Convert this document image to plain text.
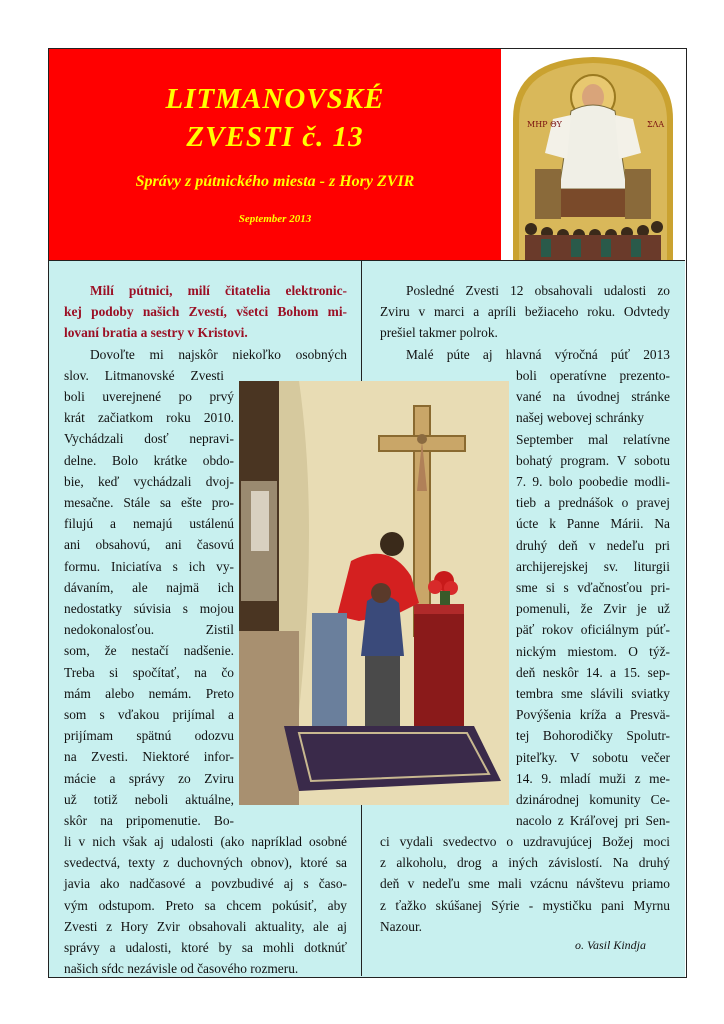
LITMANOVSKÉ
ZVESTI č. 13
Správy z pútnického miesta - z Hory ZVIR
September 2013
ΜΗΡ ΘΥ	ΣΛΑ
Milí pútnici, milí čitatelia elektronic-
kej podoby našich Zvestí, všetci Bohom mi-
lovaní bratia a sestry v Kristovi.
Dovoľte mi najskôr niekoľko osobných
slov. Litmanovské Zvesti
boli uverejnené po prvý
krát začiatkom roku 2010.
Vychádzali dosť nepravi-
delne. Bolo krátke obdo-
bie, keď vychádzali dvoj-
mesačne. Stále sa ešte pro-
filujú a nemajú ustálenú
ani obsahovú, ani časovú
formu. Iniciatíva s ich vy-
dávaním, ale najmä ich
nedostatky súvisia s mojou
nedokonalosťou. Zistil
som, že nestačí nadšenie.
Treba si spočítať, na čo
mám alebo nemám. Preto
som s vďakou prijímal a
prijímam spätnú odozvu
na Zvesti. Niektoré infor-
mácie a správy zo Zviru
už totiž neboli aktuálne,
skôr na pripomenutie. Bo-
li v nich však aj udalosti (ako napríklad osobné
svedectvá, texty z duchovných obnov), ktoré sa
javia ako nadčasové a povzbudivé aj s časo-
vým odstupom. Preto sa chcem pokúsiť, aby
Zvesti z Hory Zvir obsahovali aktuality, ale aj
správy a udalosti, ktoré by sa mohli dotknúť
našich sŕdc nezávisle od časového rozmeru.
Posledné Zvesti 12 obsahovali udalosti zo
Zviru v marci a apríli bežiaceho roku. Odvtedy
prešiel takmer polrok.
Malé púte aj hlavná výročná púť 2013
boli operatívne prezento-
vané na úvodnej stránke
našej webovej schránky
September mal relatívne
bohatý program. V sobotu
7. 9. bolo poobedie modli-
tieb a prednášok o pravej
úcte k Panne Márii. Na
druhý deň v nedeľu pri
archijerejskej sv. liturgii
sme si s vďačnosťou pri-
pomenuli, že Zvir je už
päť rokov oficiálnym púť-
nickým miestom. O týž-
deň neskôr 14. a 15. sep-
tembra sme slávili sviatky
Povýšenia kríža a Presvä-
tej Bohorodičky Spolutr-
piteľky. V sobotu večer
14. 9. mladí muži z me-
dzinárodnej komunity Ce-
nacolo z Kráľovej pri Sen-
ci vydali svedectvo o uzdravujúcej Božej moci
z alkoholu, drog a iných závislostí. Na druhý
deň v nedeľu sme mali vzácnu návštevu priamo
z ťažko skúšanej Sýrie - mystičku pani Myrnu
Nazour.
o. Vasil Kindja
